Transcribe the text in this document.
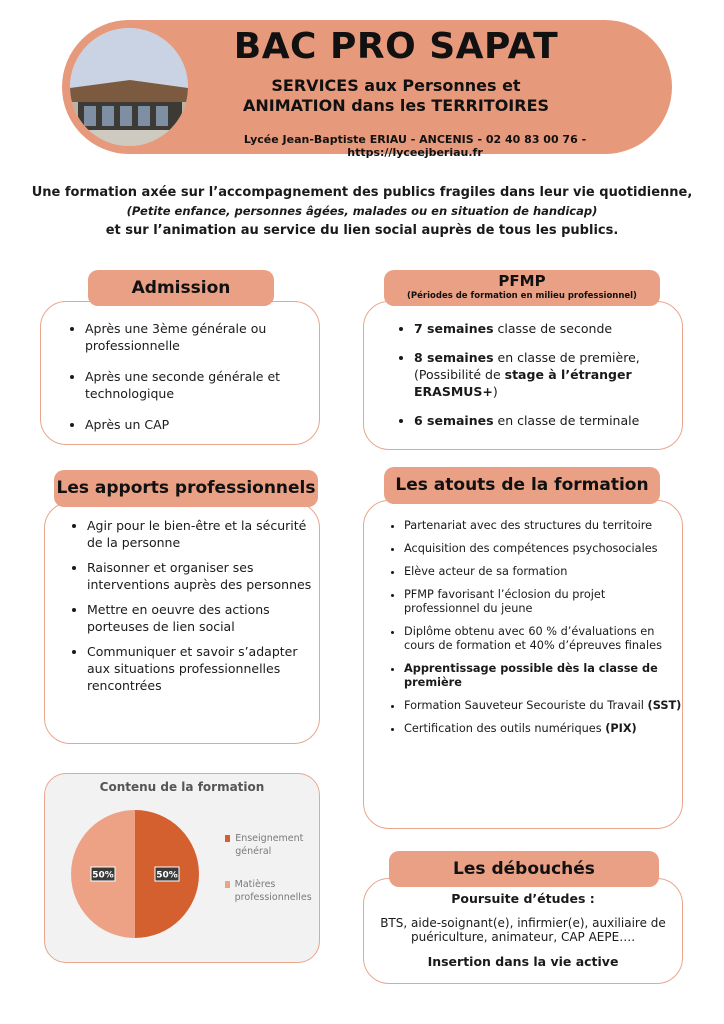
BAC PRO SAPAT
SERVICES aux Personnes et
ANIMATION dans les TERRITOIRES
Lycée Jean-Baptiste ERIAU - ANCENIS - 02 40 83 00 76 - https://lyceejberiau.fr
Une formation axée sur l’accompagnement des publics fragiles dans leur vie quotidienne,
(Petite enfance, personnes âgées, malades ou en situation de handicap)
et sur l’animation au service du lien social auprès de tous les publics.
• Après une 3ème générale ou professionnelle
• Après une seconde générale et technologique
• Après un CAP
Admission
• 7 semaines classe de seconde
• 8 semaines en classe de première,
(Possibilité de stage à l’étranger ERASMUS+)
• 6 semaines en classe de terminale
PFMP
(Périodes de formation en milieu professionnel)
• Agir pour le bien-être et la sécurité de la personne
• Raisonner et organiser ses interventions auprès des personnes
• Mettre en oeuvre des actions porteuses de lien social
• Communiquer et savoir s’adapter aux situations professionnelles rencontrées
Les apports professionnels
• Partenariat avec des structures du territoire
• Acquisition des compétences psychosociales
• Elève acteur de sa formation
• PFMP favorisant l’éclosion du projet professionnel du jeune
• Diplôme obtenu avec 60 % d’évaluations en cours de formation et 40% d’épreuves finales
• Apprentissage possible dès la classe de première
• Formation Sauveteur Secouriste du Travail (SST)
• Certification des outils numériques (PIX)
Les atouts de la formation
Contenu de la formation
50%
50%
Enseignement général
Matières professionnelles	Poursuite d’études :
BTS, aide-soignant(e), infirmier(e), auxiliaire de puériculture, animateur, CAP AEPE….
Insertion dans la vie active
Les débouchés
